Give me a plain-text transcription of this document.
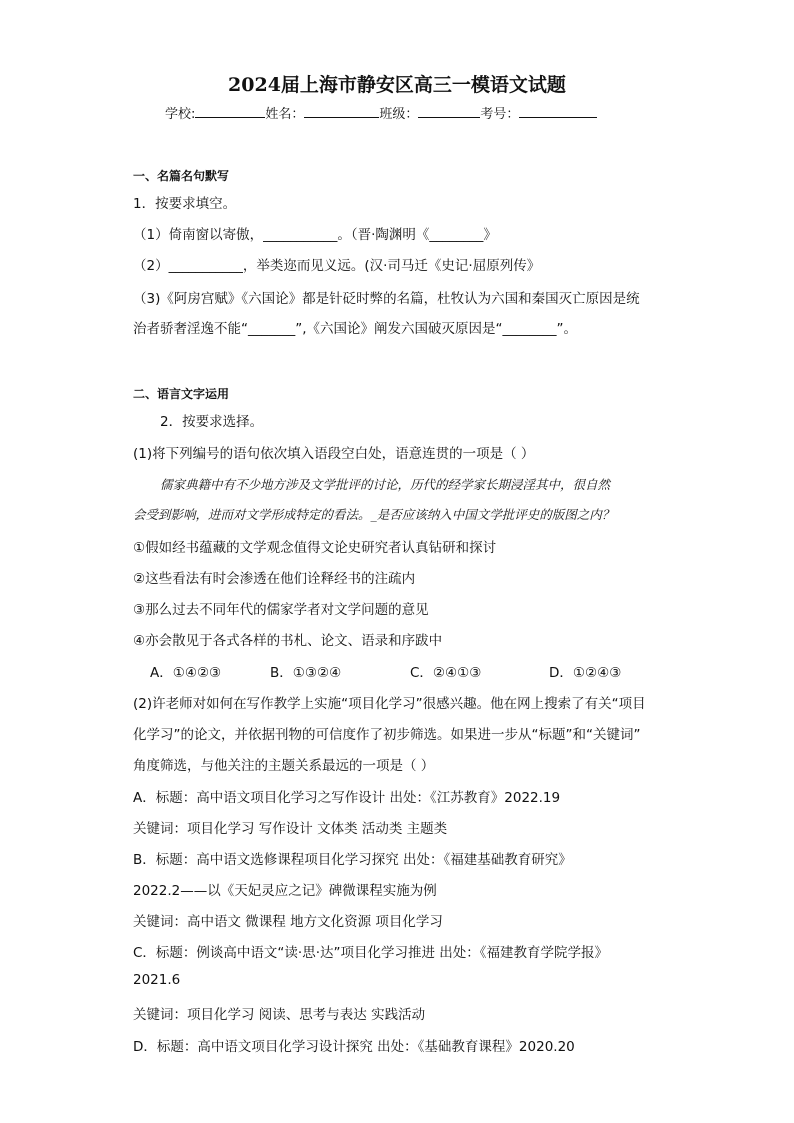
2024届上海市静安区高三一模语文试题
学校:	姓名：	班级：	考号：
一、名篇名句默写
1．按要求填空。
（1）倚南窗以寄傲，___________。（晋·陶渊明《________》
（2）___________，举类迩而见义远。(汉·司马迁《史记·屈原列传》
（3)《阿房宫赋》《六国论》都是针砭时弊的名篇，杜牧认为六国和秦国灭亡原因是统
治者骄奢淫逸不能“_______”,《六国论》阐发六国破灭原因是“________”。
二、语言文字运用
2．按要求选择。
(1)将下列编号的语句依次填入语段空白处，语意连贯的一项是（ ）
儒家典籍中有不少地方涉及文学批评的讨论，历代的经学家长期浸淫其中，很自然
会受到影响，进而对文学形成特定的看法。_是否应该纳入中国文学批评史的版图之内？
①假如经书蕴藏的文学观念值得文论史研究者认真钻研和探讨
②这些看法有时会渗透在他们诠释经书的注疏内
③那么过去不同年代的儒家学者对文学问题的意见
④亦会散见于各式各样的书札、论文、语录和序跋中
A．①④②③	B．①③②④	C．②④①③	D．①②④③
(2)许老师对如何在写作教学上实施“项目化学习”很感兴趣。他在网上搜索了有关“项目
化学习”的论文，并依据刊物的可信度作了初步筛选。如果进一步从“标题”和“关键词”
角度筛选，与他关注的主题关系最远的一项是（ ）
A．标题：高中语文项目化学习之写作设计 出处：《江苏教育》2022.19
关键词：项目化学习 写作设计 文体类 活动类 主题类
B．标题：高中语文选修课程项目化学习探究 出处：《福建基础教育研究》
2022.2——以《天妃灵应之记》碑微课程实施为例
关键词：高中语文 微课程 地方文化资源 项目化学习
C．标题：例谈高中语文“读·思·达”项目化学习推进 出处：《福建教育学院学报》
2021.6
关键词：项目化学习 阅读、思考与表达 实践活动
D．标题：高中语文项目化学习设计探究 出处：《基础教育课程》2020.20
